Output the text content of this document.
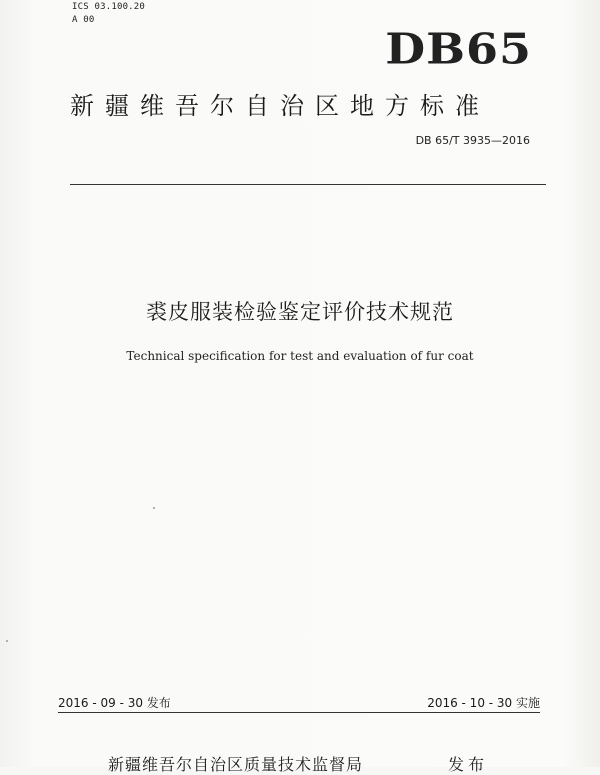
ICS 03.100.20
A 00
DB65
新疆维吾尔自治区地方标准
DB 65/T 3935—2016
裘皮服装检验鉴定评价技术规范
Technical specification for test and evaluation of fur coat
2016 - 09 - 30 发布	2016 - 10 - 30 实施
新疆维吾尔自治区质量技术监督局	发布
